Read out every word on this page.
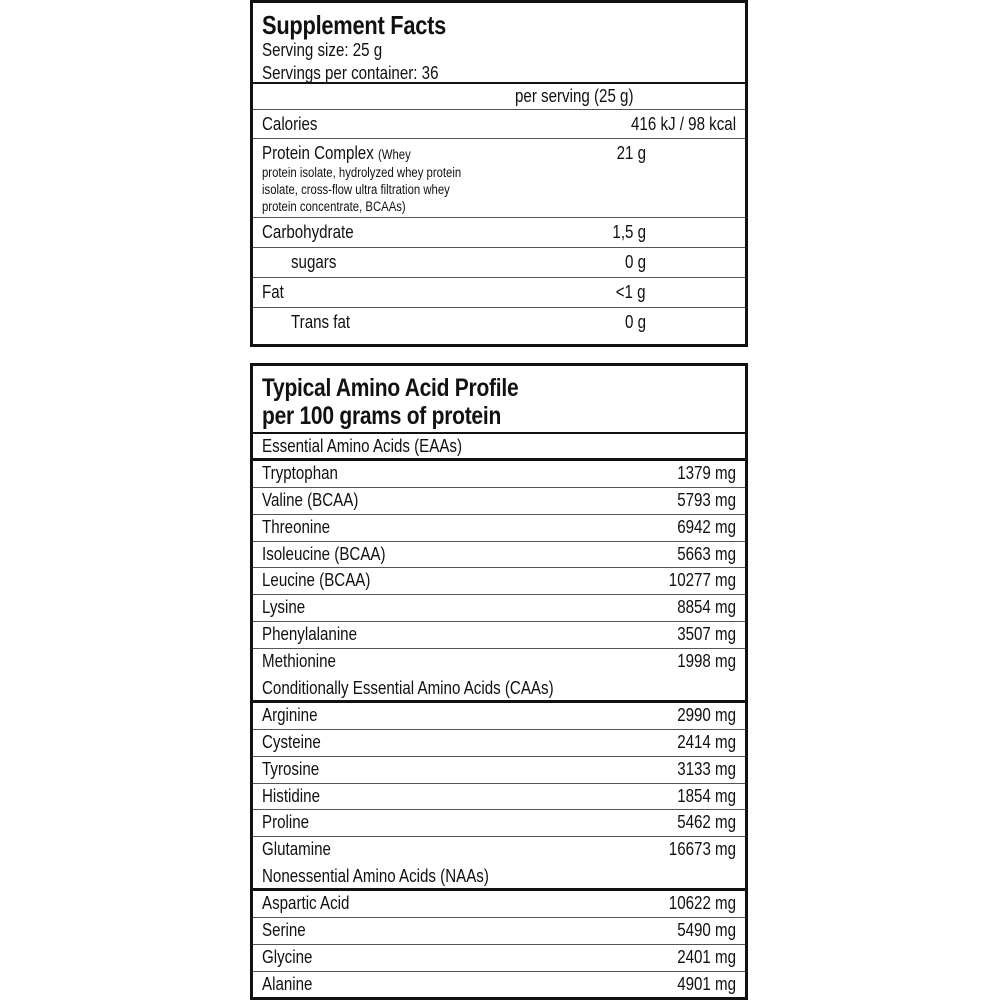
Supplement Facts
Serving size: 25 g
Servings per container: 36
per serving (25 g)
Calories	416 kJ / 98 kcal
Protein Complex (Whey
protein isolate, hydrolyzed whey protein
isolate, cross-flow ultra filtration whey
protein concentrate, BCAAs)
21 g
Carbohydrate	1,5 g
sugars	0 g
Fat	<1 g
Trans fat	0 g
Typical Amino Acid Profile
per 100 grams of protein
Essential Amino Acids (EAAs)
Tryptophan	1379 mg
Valine (BCAA)	5793 mg
Threonine	6942 mg
Isoleucine (BCAA)	5663 mg
Leucine (BCAA)	10277 mg
Lysine	8854 mg
Phenylalanine	3507 mg
Methionine	1998 mg
Conditionally Essential Amino Acids (CAAs)
Arginine	2990 mg
Cysteine	2414 mg
Tyrosine	3133 mg
Histidine	1854 mg
Proline	5462 mg
Glutamine	16673 mg
Nonessential Amino Acids (NAAs)
Aspartic Acid	10622 mg
Serine	5490 mg
Glycine	2401 mg
Alanine	4901 mg
